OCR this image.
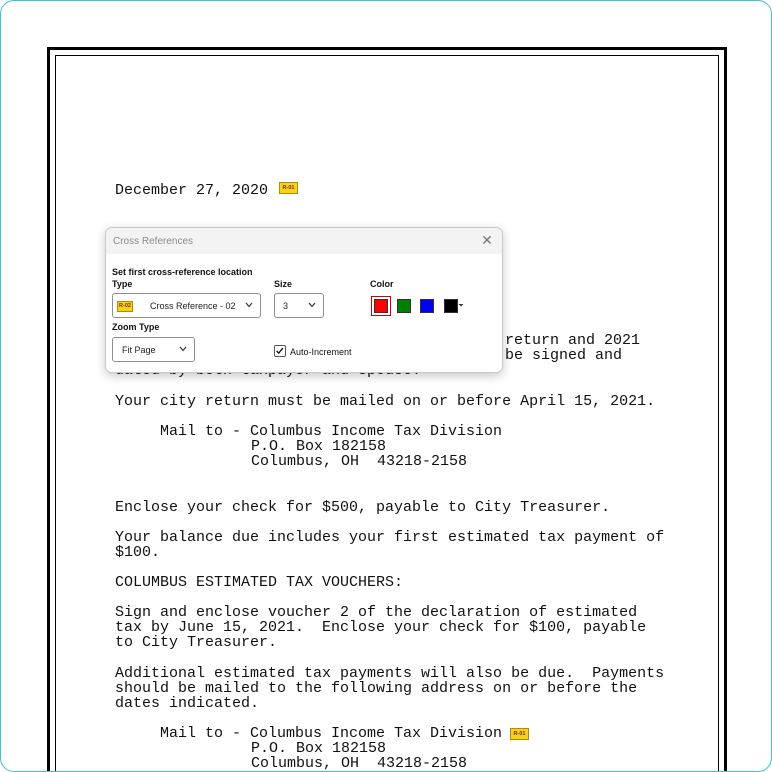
December 27, 2020	R-01
return and 2021
be signed and
Your city return must be mailed on or before April 15, 2021.
Mail to - Columbus Income Tax Division
P.O. Box 182158
Columbus, OH  43218-2158
Enclose your check for $500, payable to City Treasurer.
Your balance due includes your first estimated tax payment of
$100.
COLUMBUS ESTIMATED TAX VOUCHERS:
Sign and enclose voucher 2 of the declaration of estimated
tax by June 15, 2021.  Enclose your check for $100, payable
to City Treasurer.
Additional estimated tax payments will also be due.  Payments
should be mailed to the following address on or before the
dates indicated.
Mail to - Columbus Income Tax Division	R-01
P.O. Box 182158
Columbus, OH  43218-2158
Cross References	✕
Set first cross-reference location
Type
R-02 Cross Reference - 02
Size
3
Color
Zoom Type
Fit Page	Auto-Increment
